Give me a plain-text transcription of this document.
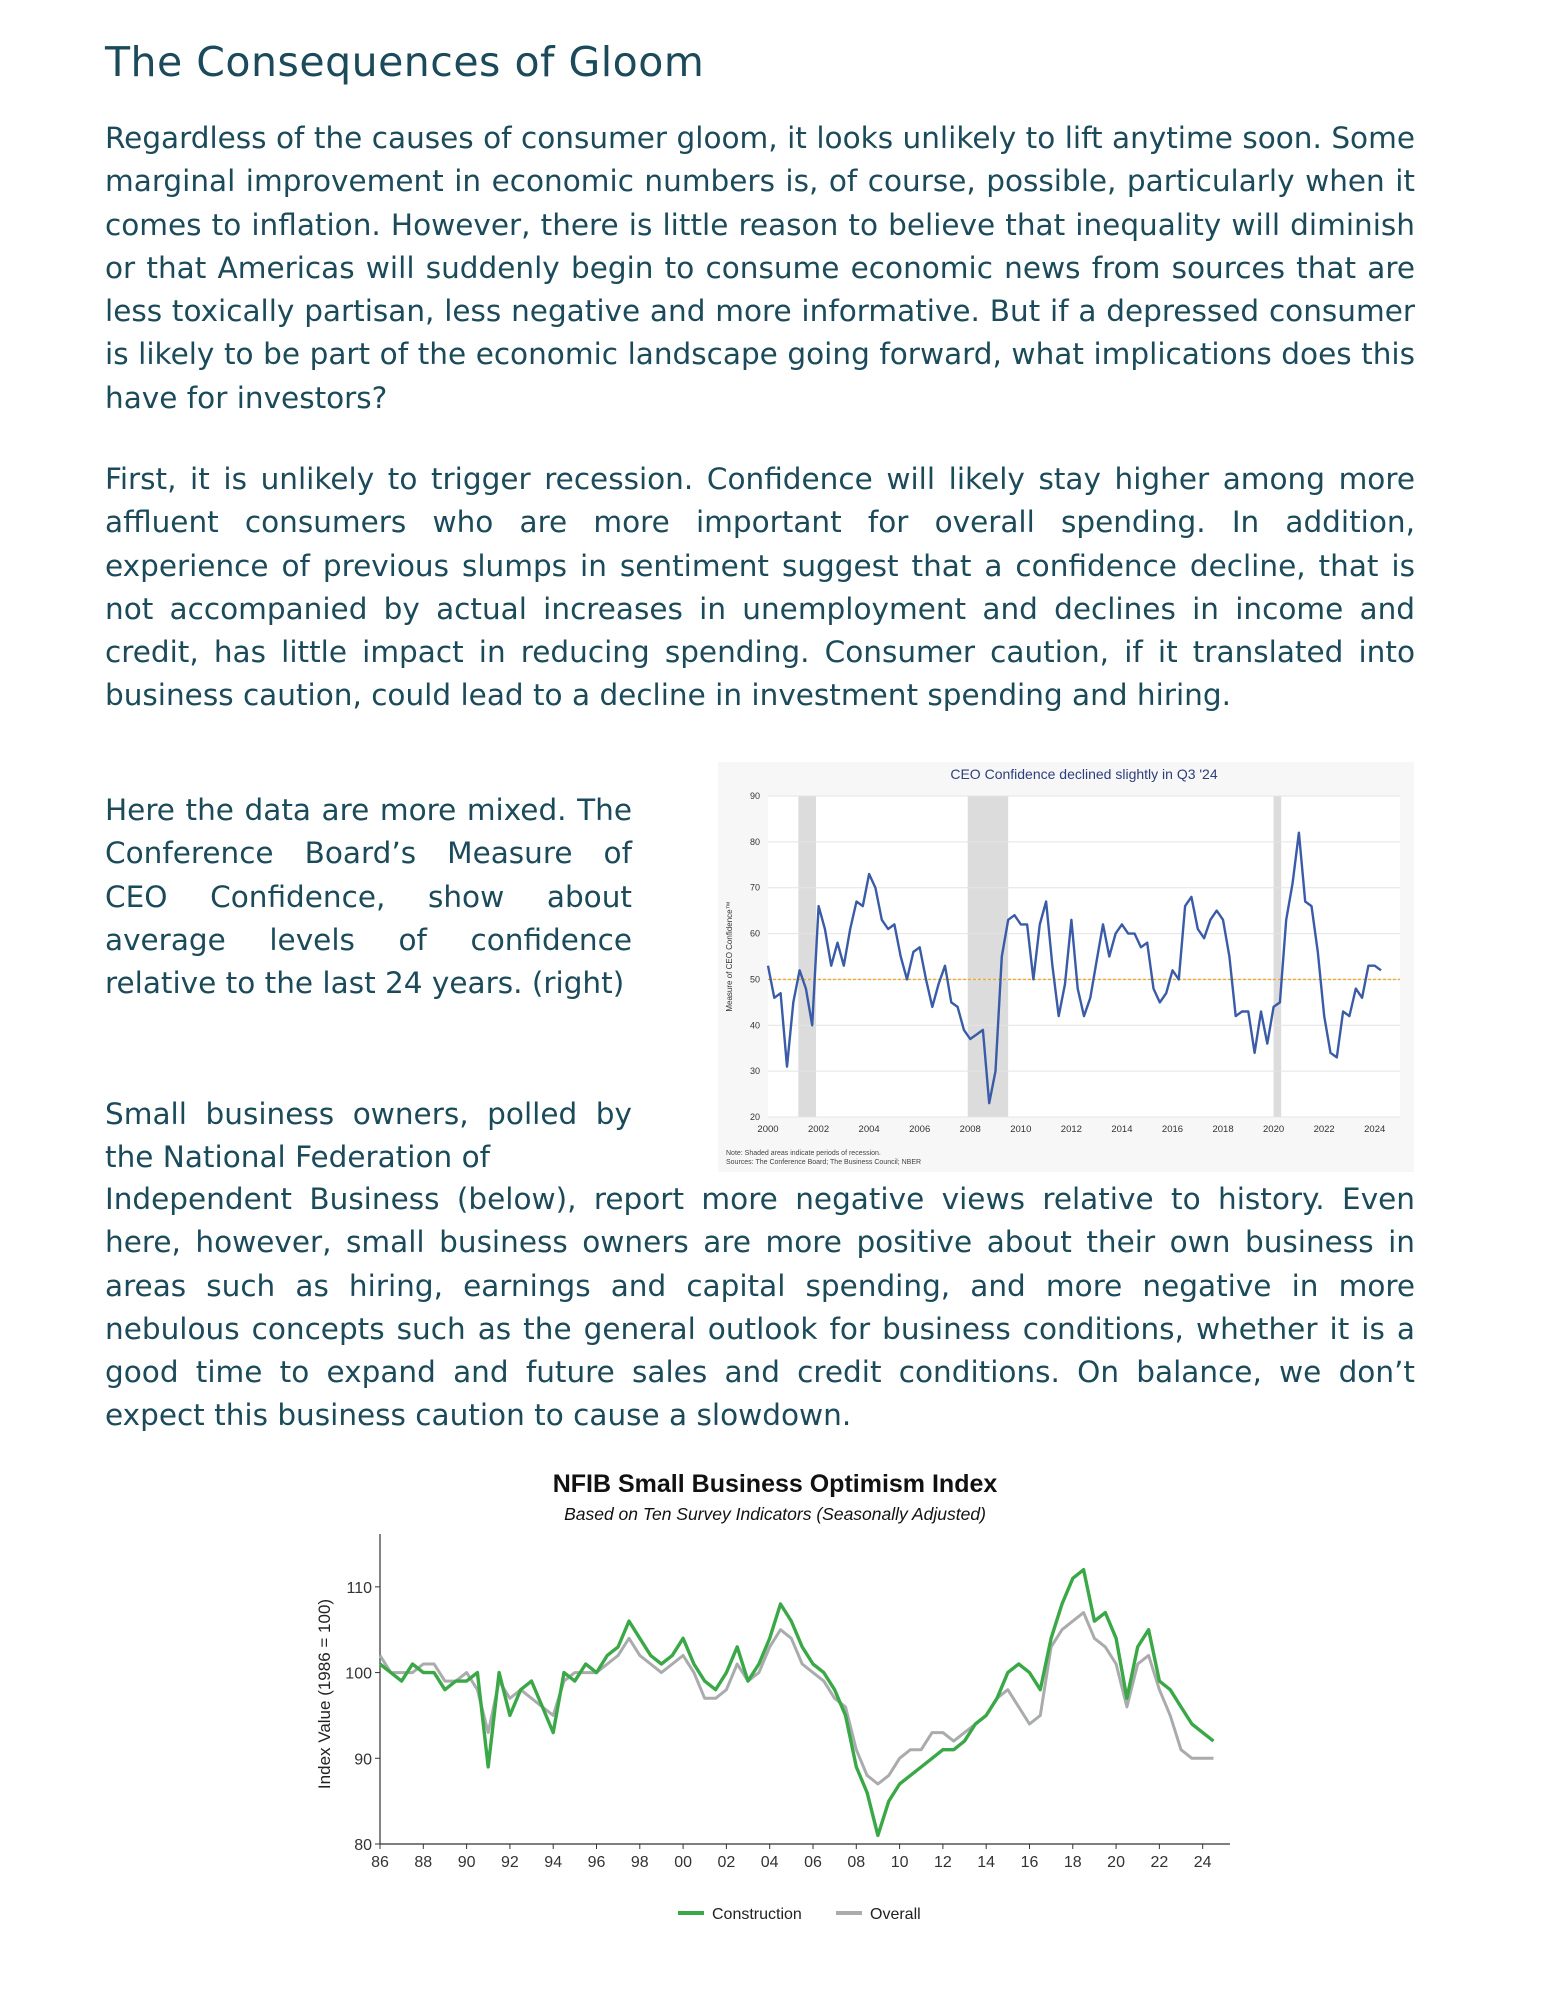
The Consequences of Gloom

Regardless of the causes of consumer gloom, it looks unlikely to lift anytime soon. Some marginal improvement in economic numbers is, of course, possible, particularly when it comes to inflation. However, there is little reason to believe that inequality will diminish or that Americas will suddenly begin to consume economic news from sources that are less toxically partisan, less negative and more informative. But if a depressed consumer is likely to be part of the economic landscape going forward, what implications does this have for investors?

First, it is unlikely to trigger recession. Confidence will likely stay higher among more affluent consumers who are more important for overall spending. In addition, experience of previous slumps in sentiment suggest that a confidence decline, that is not accompanied by actual increases in unemployment and declines in income and credit, has little impact in reducing spending. Consumer caution, if it translated into business caution, could lead to a decline in investment spending and hiring.

Here the data are more mixed. The Conference Board’s Measure of CEO Confidence, show about average levels of confidence relative to the last 24 years. (right)

Small business owners, polled by the National Federation of

Independent Business (below), report more negative views relative to history. Even here, however, small business owners are more positive about their own business in areas such as hiring, earnings and capital spending, and more negative in more nebulous concepts such as the general outlook for business conditions, whether it is a good time to expand and future sales and credit conditions. On balance, we don’t expect this business caution to cause a slowdown.

20
30
40
50
60
70
80
90
2000	2002	2004	2006	2008	2010	2012	2014	2016	2018	2020	2022	2024
CEO Confidence declined slightly in Q3 '24
Measure of CEO Confidence™
Note: Shaded areas indicate periods of recession.
Sources: The Conference Board; The Business Council; NBER
NFIB Small Business Optimism Index
Based on Ten Survey Indicators (Seasonally Adjusted)
80
90
100
110
86 88 90 92 94 96 98 00 02 04 06 08 10 12 14 16 18 20 22 24
Index Value (1986 = 100)
Construction	Overall
